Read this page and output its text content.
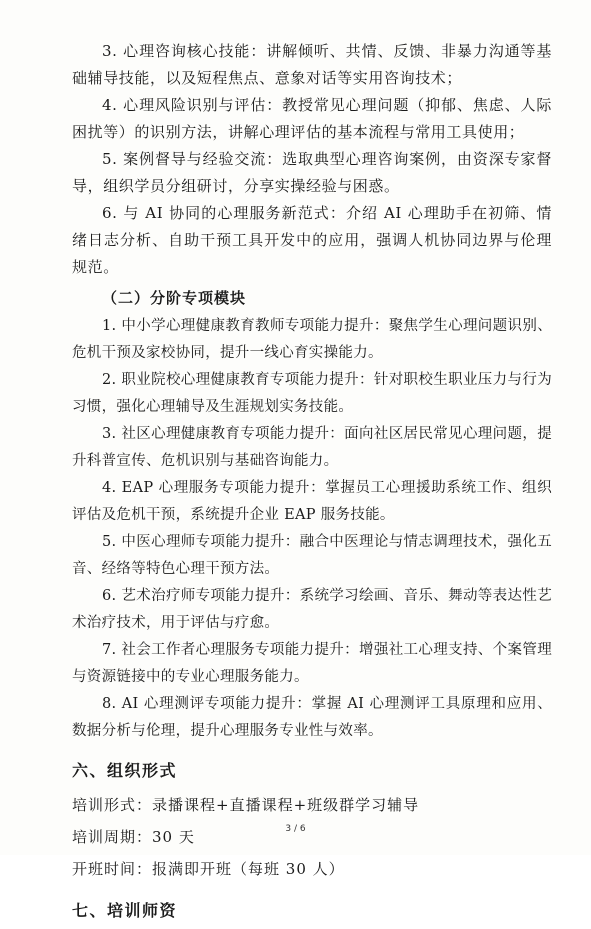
3. 心理咨询核心技能：讲解倾听、共情、反馈、非暴力沟通等基础辅导技能，以及短程焦点、意象对话等实用咨询技术；

4. 心理风险识别与评估：教授常见心理问题（抑郁、焦虑、人际困扰等）的识别方法，讲解心理评估的基本流程与常用工具使用；

5. 案例督导与经验交流：选取典型心理咨询案例，由资深专家督导，组织学员分组研讨，分享实操经验与困惑。

6. 与 AI 协同的心理服务新范式：介绍 AI 心理助手在初筛、情绪日志分析、自助干预工具开发中的应用，强调人机协同边界与伦理规范。

（二）分阶专项模块

1. 中小学心理健康教育教师专项能力提升：聚焦学生心理问题识别、危机干预及家校协同，提升一线心育实操能力。

2. 职业院校心理健康教育专项能力提升：针对职校生职业压力与行为习惯，强化心理辅导及生涯规划实务技能。

3. 社区心理健康教育专项能力提升：面向社区居民常见心理问题，提升科普宣传、危机识别与基础咨询能力。

4. EAP 心理服务专项能力提升：掌握员工心理援助系统工作、组织评估及危机干预，系统提升企业 EAP 服务技能。

5. 中医心理师专项能力提升：融合中医理论与情志调理技术，强化五音、经络等特色心理干预方法。

6. 艺术治疗师专项能力提升：系统学习绘画、音乐、舞动等表达性艺术治疗技术，用于评估与疗愈。

7. 社会工作者心理服务专项能力提升：增强社工心理支持、个案管理与资源链接中的专业心理服务能力。

8. AI 心理测评专项能力提升：掌握 AI 心理测评工具原理和应用、数据分析与伦理，提升心理服务专业性与效率。

六、组织形式

培训形式：录播课程+直播课程+班级群学习辅导

培训周期：30 天

开班时间：报满即开班（每班 30 人）

七、培训师资

3 / 6
